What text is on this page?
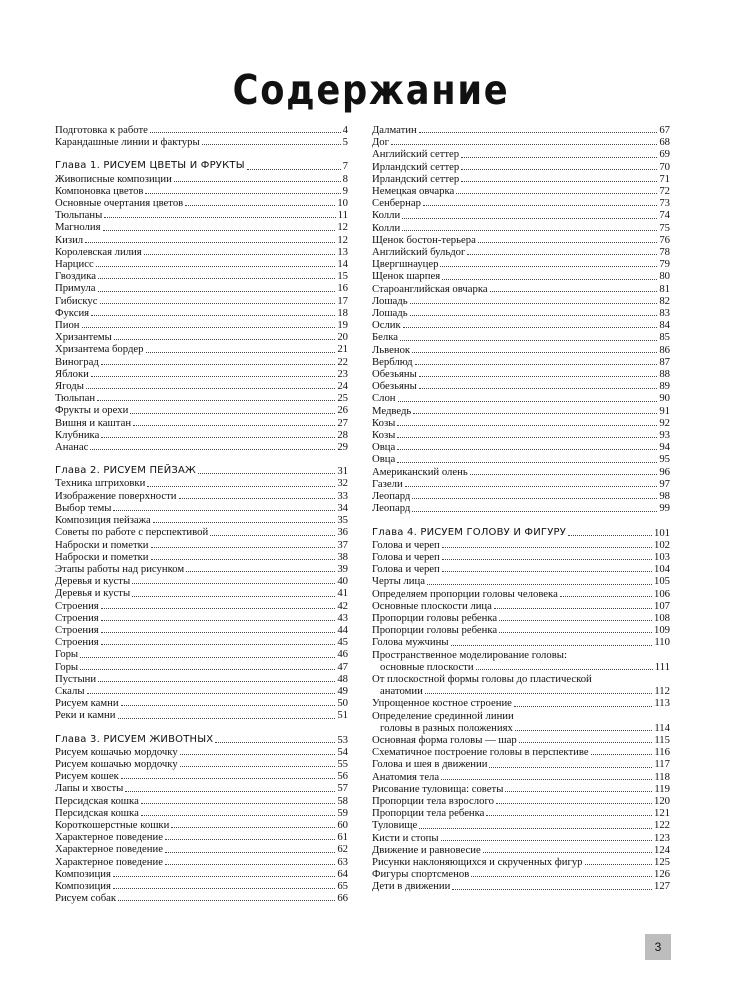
Содержание
Подготовка к работе	4
Карандашные линии и фактуры	5
Глава 1. РИСУЕМ ЦВЕТЫ И ФРУКТЫ	7
Живописные композиции	8
Компоновка цветов	9
Основные очертания цветов	10
Тюльпаны	11
Магнолия	12
Кизил	12
Королевская лилия	13
Нарцисс	14
Гвоздика	15
Примула	16
Гибискус	17
Фуксия	18
Пион	19
Хризантемы	20
Хризантема бордер	21
Виноград	22
Яблоки	23
Ягоды	24
Тюльпан	25
Фрукты и орехи	26
Вишня и каштан	27
Клубника	28
Ананас	29
Глава 2. РИСУЕМ ПЕЙЗАЖ	31
Техника штриховки	32
Изображение поверхности	33
Выбор темы	34
Композиция пейзажа	35
Советы по работе с перспективой	36
Наброски и пометки	37
Наброски и пометки	38
Этапы работы над рисунком	39
Деревья и кусты	40
Деревья и кусты	41
Строения	42
Строения	43
Строения	44
Строения	45
Горы	46
Горы	47
Пустыни	48
Скалы	49
Рисуем камни	50
Реки и камни	51
Глава 3. РИСУЕМ ЖИВОТНЫХ	53
Рисуем кошачью мордочку	54
Рисуем кошачью мордочку	55
Рисуем кошек	56
Лапы и хвосты	57
Персидская кошка	58
Персидская кошка	59
Короткошерстные кошки	60
Характерное поведение	61
Характерное поведение	62
Характерное поведение	63
Композиция	64
Композиция	65
Рисуем собак	66
Далматин	67
Дог	68
Английский сеттер	69
Ирландский сеттер	70
Ирландский сеттер	71
Немецкая овчарка	72
Сенбернар	73
Колли	74
Колли	75
Щенок бостон-терьера	76
Английский бульдог	78
Цвергшнауцер	79
Щенок шарпея	80
Староанглийская овчарка	81
Лошадь	82
Лошадь	83
Ослик	84
Белка	85
Львенок	86
Верблюд	87
Обезьяны	88
Обезьяны	89
Слон	90
Медведь	91
Козы	92
Козы	93
Овца	94
Овца	95
Американский олень	96
Газели	97
Леопард	98
Леопард	99
Глава 4. РИСУЕМ ГОЛОВУ И ФИГУРУ	101
Голова и череп	102
Голова и череп	103
Голова и череп	104
Черты лица	105
Определяем пропорции головы человека	106
Основные плоскости лица	107
Пропорции головы ребенка	108
Пропорции головы ребенка	109
Голова мужчины	110
Пространственное моделирование головы:
основные плоскости	111
От плоскостной формы головы до пластической
анатомии	112
Упрощенное костное строение	113
Определение срединной линии
головы в разных положениях	114
Основная форма головы — шар	115
Схематичное построение головы в перспективе	116
Голова и шея в движении	117
Анатомия тела	118
Рисование туловища: советы	119
Пропорции тела взрослого	120
Пропорции тела ребенка	121
Туловище	122
Кисти и стопы	123
Движение и равновесие	124
Рисунки наклоняющихся и скрученных фигур	125
Фигуры спортсменов	126
Дети в движении	127
3
